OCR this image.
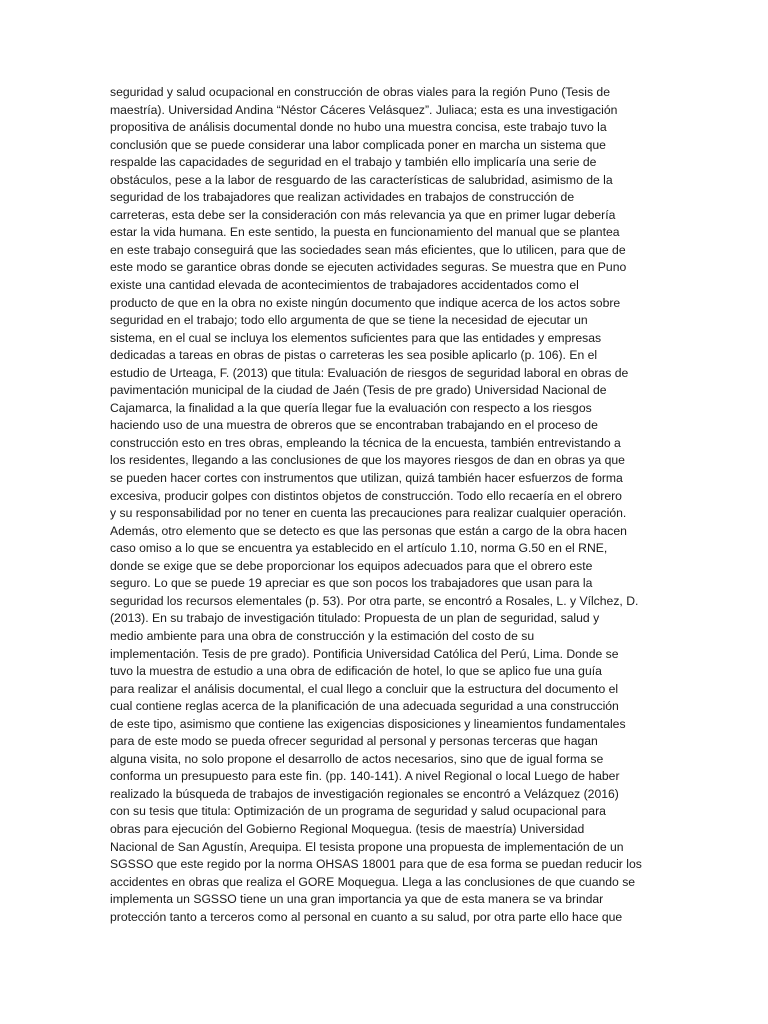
seguridad y salud ocupacional en construcción de obras viales para la región Puno (Tesis de
maestría). Universidad Andina “Néstor Cáceres Velásquez”. Juliaca; esta es una investigación
propositiva de análisis documental donde no hubo una muestra concisa, este trabajo tuvo la
conclusión que se puede considerar una labor complicada poner en marcha un sistema que
respalde las capacidades de seguridad en el trabajo y también ello implicaría una serie de
obstáculos, pese a la labor de resguardo de las características de salubridad, asimismo de la
seguridad de los trabajadores que realizan actividades en trabajos de construcción de
carreteras, esta debe ser la consideración con más relevancia ya que en primer lugar debería
estar la vida humana. En este sentido, la puesta en funcionamiento del manual que se plantea
en este trabajo conseguirá que las sociedades sean más eficientes, que lo utilicen, para que de
este modo se garantice obras donde se ejecuten actividades seguras. Se muestra que en Puno
existe una cantidad elevada de acontecimientos de trabajadores accidentados como el
producto de que en la obra no existe ningún documento que indique acerca de los actos sobre
seguridad en el trabajo; todo ello argumenta de que se tiene la necesidad de ejecutar un
sistema, en el cual se incluya los elementos suficientes para que las entidades y empresas
dedicadas a tareas en obras de pistas o carreteras les sea posible aplicarlo (p. 106). En el
estudio de Urteaga, F. (2013) que titula: Evaluación de riesgos de seguridad laboral en obras de
pavimentación municipal de la ciudad de Jaén (Tesis de pre grado) Universidad Nacional de
Cajamarca, la finalidad a la que quería llegar fue la evaluación con respecto a los riesgos
haciendo uso de una muestra de obreros que se encontraban trabajando en el proceso de
construcción esto en tres obras, empleando la técnica de la encuesta, también entrevistando a
los residentes, llegando a las conclusiones de que los mayores riesgos de dan en obras ya que
se pueden hacer cortes con instrumentos que utilizan, quizá también hacer esfuerzos de forma
excesiva, producir golpes con distintos objetos de construcción. Todo ello recaería en el obrero
y su responsabilidad por no tener en cuenta las precauciones para realizar cualquier operación.
Además, otro elemento que se detecto es que las personas que están a cargo de la obra hacen
caso omiso a lo que se encuentra ya establecido en el artículo 1.10, norma G.50 en el RNE,
donde se exige que se debe proporcionar los equipos adecuados para que el obrero este
seguro. Lo que se puede 19 apreciar es que son pocos los trabajadores que usan para la
seguridad los recursos elementales (p. 53). Por otra parte, se encontró a Rosales, L. y Vílchez, D.
(2013). En su trabajo de investigación titulado: Propuesta de un plan de seguridad, salud y
medio ambiente para una obra de construcción y la estimación del costo de su
implementación. Tesis de pre grado). Pontificia Universidad Católica del Perú, Lima. Donde se
tuvo la muestra de estudio a una obra de edificación de hotel, lo que se aplico fue una guía
para realizar el análisis documental, el cual llego a concluir que la estructura del documento el
cual contiene reglas acerca de la planificación de una adecuada seguridad a una construcción
de este tipo, asimismo que contiene las exigencias disposiciones y lineamientos fundamentales
para de este modo se pueda ofrecer seguridad al personal y personas terceras que hagan
alguna visita, no solo propone el desarrollo de actos necesarios, sino que de igual forma se
conforma un presupuesto para este fin. (pp. 140-141). A nivel Regional o local Luego de haber
realizado la búsqueda de trabajos de investigación regionales se encontró a Velázquez (2016)
con su tesis que titula: Optimización de un programa de seguridad y salud ocupacional para
obras para ejecución del Gobierno Regional Moquegua. (tesis de maestría) Universidad
Nacional de San Agustín, Arequipa. El tesista propone una propuesta de implementación de un
SGSSO que este regido por la norma OHSAS 18001 para que de esa forma se puedan reducir los
accidentes en obras que realiza el GORE Moquegua. Llega a las conclusiones de que cuando se
implementa un SGSSO tiene un una gran importancia ya que de esta manera se va brindar
protección tanto a terceros como al personal en cuanto a su salud, por otra parte ello hace que
